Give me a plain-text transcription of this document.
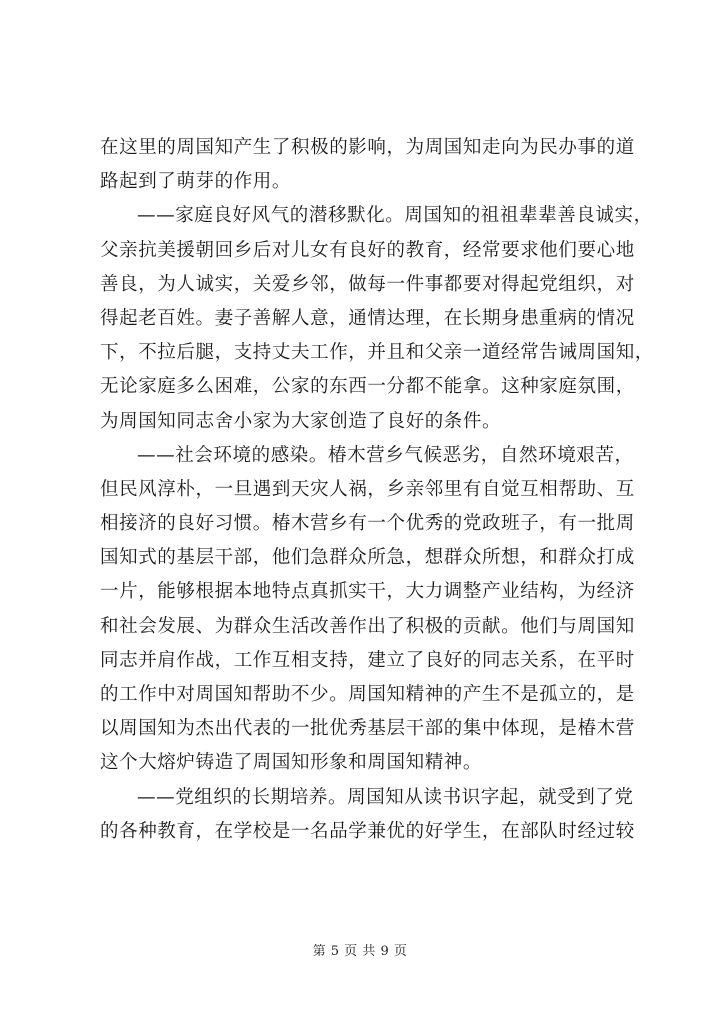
在这里的周国知产生了积极的影响，为周国知走向为民办事的道
路起到了萌芽的作用。
——家庭良好风气的潜移默化。周国知的祖祖辈辈善良诚实，
父亲抗美援朝回乡后对儿女有良好的教育，经常要求他们要心地
善良，为人诚实，关爱乡邻，做每一件事都要对得起党组织，对
得起老百姓。妻子善解人意，通情达理，在长期身患重病的情况
下，不拉后腿，支持丈夫工作，并且和父亲一道经常告诫周国知，
无论家庭多么困难，公家的东西一分都不能拿。这种家庭氛围，
为周国知同志舍小家为大家创造了良好的条件。
——社会环境的感染。椿木营乡气候恶劣，自然环境艰苦，
但民风淳朴，一旦遇到天灾人祸，乡亲邻里有自觉互相帮助、互
相接济的良好习惯。椿木营乡有一个优秀的党政班子，有一批周
国知式的基层干部，他们急群众所急，想群众所想，和群众打成
一片，能够根据本地特点真抓实干，大力调整产业结构，为经济
和社会发展、为群众生活改善作出了积极的贡献。他们与周国知
同志并肩作战，工作互相支持，建立了良好的同志关系，在平时
的工作中对周国知帮助不少。周国知精神的产生不是孤立的，是
以周国知为杰出代表的一批优秀基层干部的集中体现，是椿木营
这个大熔炉铸造了周国知形象和周国知精神。
——党组织的长期培养。周国知从读书识字起，就受到了党
的各种教育，在学校是一名品学兼优的好学生，在部队时经过较
第 5 页 共 9 页
